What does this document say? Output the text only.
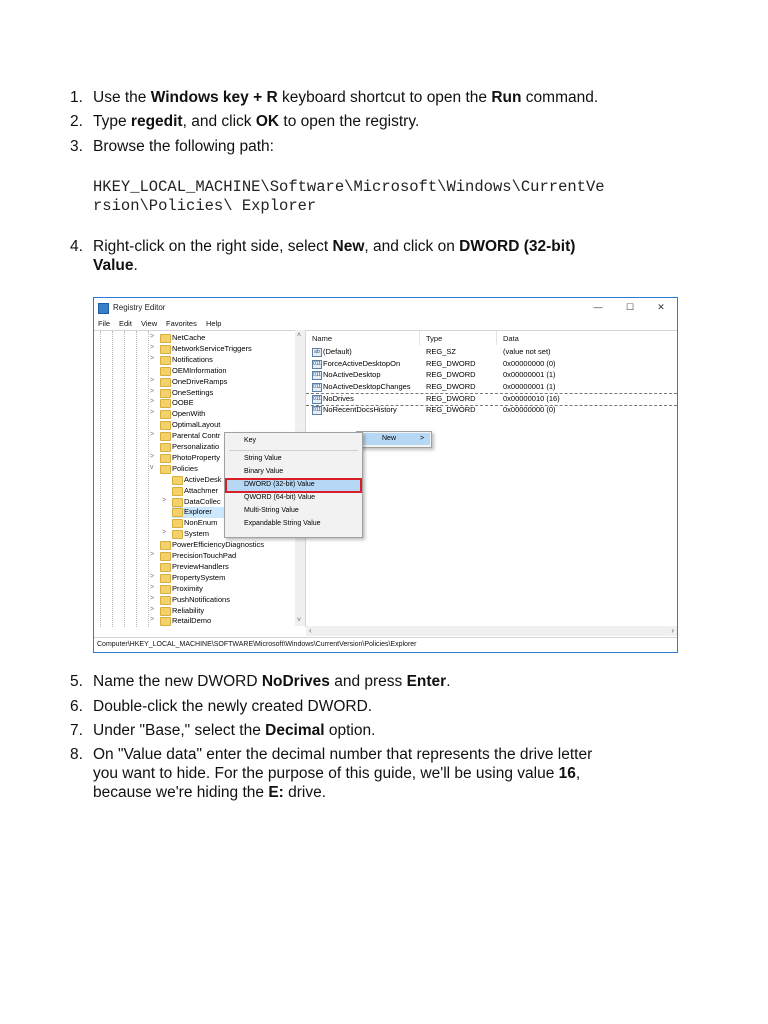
1. Use the Windows key + R keyboard shortcut to open the Run command.
2. Type regedit, and click OK to open the registry.
3. Browse the following path:
HKEY_LOCAL_MACHINE\Software\Microsoft\Windows\CurrentVe
rsion\Policies\ Explorer
4. Right-click on the right side, select New, and click on DWORD (32-bit)
Value.
Registry Editor	—	☐	✕
File Edit View Favorites Help
> NetCache
> NetworkServiceTriggers
> Notifications
OEMInformation
> OneDriveRamps
> OneSettings
> OOBE
> OpenWith
OptimalLayout
> Parental Contr
Personalizatio
> PhotoProperty
v Policies
ActiveDesk
Attachmer
> DataCollec
Explorer
NonEnum
> System
PowerEfficiencyDiagnostics
> PrecisionTouchPad
PreviewHandlers
> PropertySystem
> Proximity
> PushNotifications
> Reliability
> RetailDemo
˄
˅
Name	Type	Data
ab (Default)	REG_SZ	(value not set)
011 ForceActiveDesktopOn	REG_DWORD	0x00000000 (0)
011 NoActiveDesktop	REG_DWORD	0x00000001 (1)
011 NoActiveDesktopChanges REG_DWORD	0x00000001 (1)
011 NoDrives	REG_DWORD	0x00000010 (16)
011 NoRecentDocsHistory	REG_DWORD	0x00000000 (0)
‹	›
Computer\HKEY_LOCAL_MACHINE\SOFTWARE\Microsoft\Windows\CurrentVersion\Policies\Explorer
New	>
Key
String Value
Binary Value
DWORD (32-bit) Value
QWORD (64-bit) Value
Multi-String Value
Expandable String Value
5. Name the new DWORD NoDrives and press Enter.
6. Double-click the newly created DWORD.
7. Under "Base," select the Decimal option.
8. On "Value data" enter the decimal number that represents the drive letter
you want to hide. For the purpose of this guide, we'll be using value 16,
because we're hiding the E: drive.
